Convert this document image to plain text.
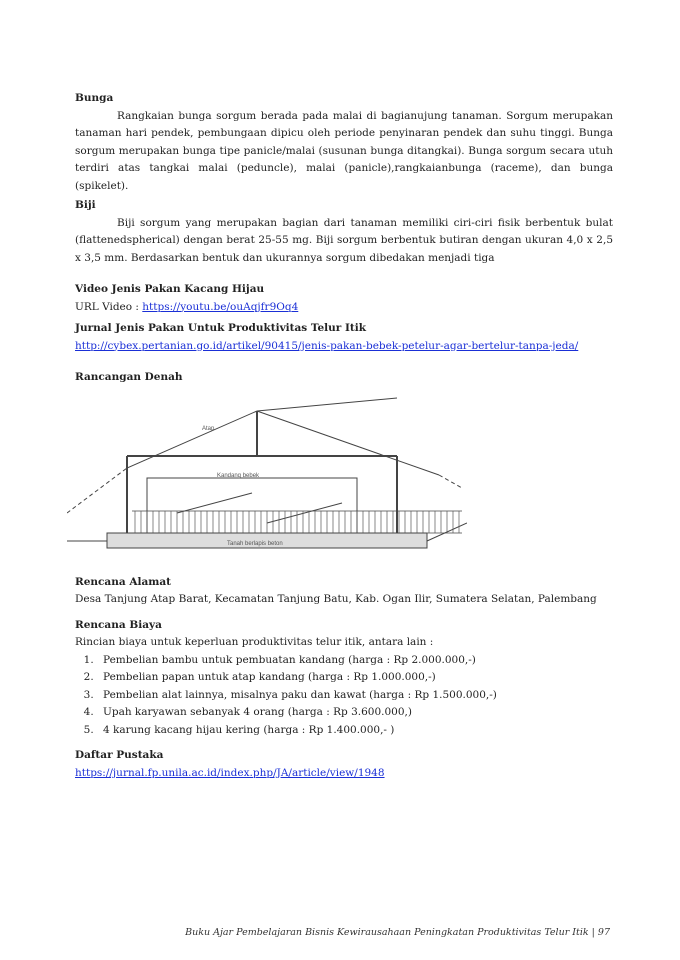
Bunga

Rangkaian bunga sorgum berada pada malai di bagianujung tanaman. Sorgum merupakan tanaman hari pendek, pembungaan dipicu oleh periode penyinaran pendek dan suhu tinggi. Bunga sorgum merupakan bunga tipe panicle/malai (susunan bunga ditangkai). Bunga sorgum secara utuh terdiri atas tangkai malai (peduncle), malai (panicle),rangkaianbunga (raceme), dan bunga (spikelet).

Biji

Biji sorgum yang merupakan bagian dari tanaman memiliki ciri-ciri fisik berbentuk bulat (flattenedspherical) dengan berat 25-55 mg. Biji sorgum berbentuk butiran dengan ukuran 4,0 x 2,5 x 3,5 mm. Berdasarkan bentuk dan ukurannya sorgum dibedakan menjadi tiga

Video Jenis Pakan Kacang Hijau
URL Video : https://youtu.be/ouAqjfr9Oq4
Jurnal Jenis Pakan Untuk Produktivitas Telur Itik
http://cybex.pertanian.go.id/artikel/90415/jenis-pakan-bebek-petelur-agar-bertelur-tanpa-jeda/
Rancangan Denah
Atap
Kandang bebek
Tanah berlapis beton
Rencana Alamat

Desa Tanjung Atap Barat, Kecamatan Tanjung Batu, Kab. Ogan Ilir, Sumatera Selatan, Palembang

Rencana Biaya
Rincian biaya untuk keperluan produktivitas telur itik, antara lain :
1. Pembelian bambu untuk pembuatan kandang (harga : Rp 2.000.000,-)
2. Pembelian papan untuk atap kandang (harga : Rp 1.000.000,-)
3. Pembelian alat lainnya, misalnya paku dan kawat (harga : Rp 1.500.000,-)
4. Upah karyawan sebanyak 4 orang (harga : Rp 3.600.000,)
5. 4 karung kacang hijau kering (harga : Rp 1.400.000,- )
Daftar Pustaka
https://jurnal.fp.unila.ac.id/index.php/JA/article/view/1948
Buku Ajar Pembelajaran Bisnis Kewirausahaan Peningkatan Produktivitas Telur Itik | 97
